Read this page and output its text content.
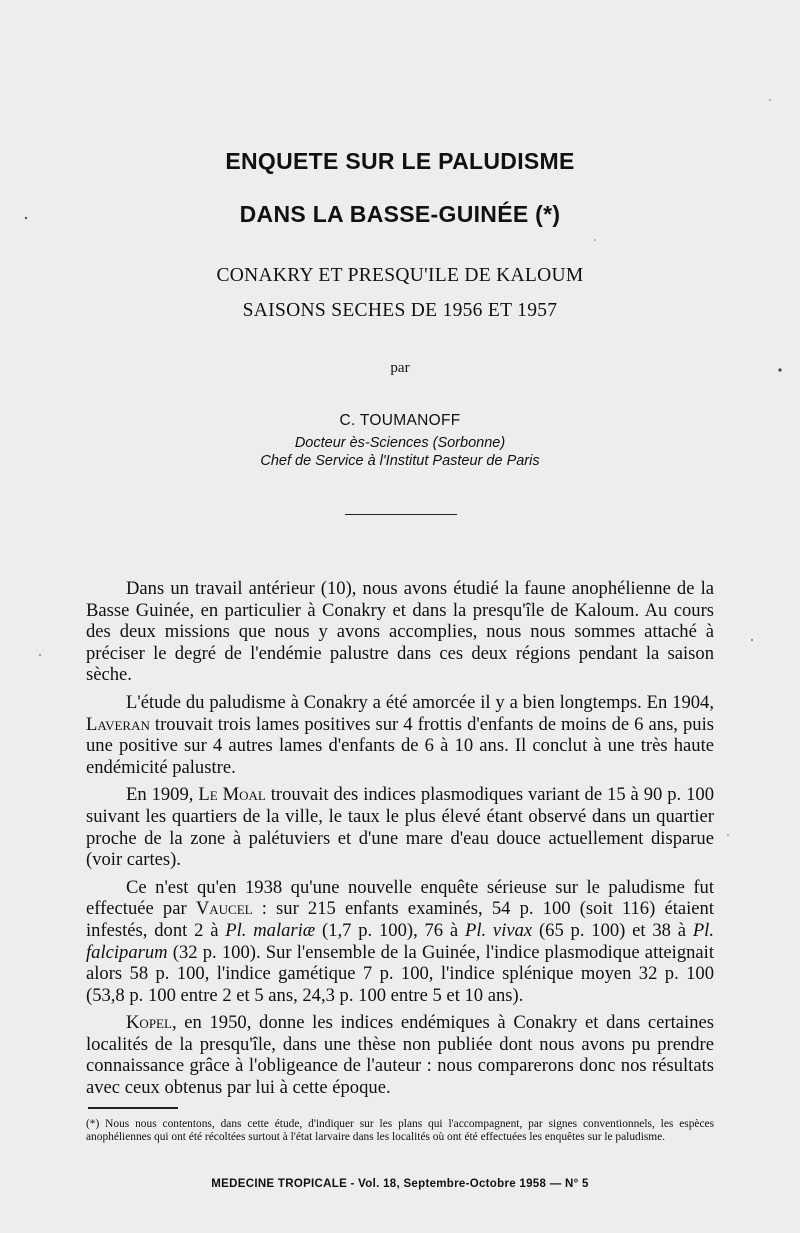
ENQUETE SUR LE PALUDISME
DANS LA BASSE-GUINÉE (*)
CONAKRY ET PRESQU'ILE DE KALOUM
SAISONS SECHES DE 1956 ET 1957
par
C. TOUMANOFF
Docteur ès-Sciences (Sorbonne)
Chef de Service à l'Institut Pasteur de Paris

Dans un travail antérieur (10), nous avons étudié la faune anophélienne de la Basse Guinée, en particulier à Conakry et dans la presqu'île de Kaloum. Au cours des deux missions que nous y avons accomplies, nous nous sommes attaché à préciser le degré de l'endémie palustre dans ces deux régions pendant la saison sèche.

L'étude du paludisme à Conakry a été amorcée il y a bien longtemps. En 1904, Laveran trouvait trois lames positives sur 4 frottis d'enfants de moins de 6 ans, puis une positive sur 4 autres lames d'enfants de 6 à 10 ans. Il conclut à une très haute endémicité palustre.

En 1909, Le Moal trouvait des indices plasmodiques variant de 15 à 90 p. 100 suivant les quartiers de la ville, le taux le plus élevé étant observé dans un quartier proche de la zone à palétuviers et d'une mare d'eau douce actuellement disparue (voir cartes).

Ce n'est qu'en 1938 qu'une nouvelle enquête sérieuse sur le paludisme fut effectuée par Vaucel : sur 215 enfants examinés, 54 p. 100 (soit 116) étaient infestés, dont 2 à Pl. malariæ (1,7 p. 100), 76 à Pl. vivax (65 p. 100) et 38 à Pl. falciparum (32 p. 100). Sur l'ensemble de la Guinée, l'indice plasmodique atteignait alors 58 p. 100, l'indice gamétique 7 p. 100, l'indice splénique moyen 32 p. 100 (53,8 p. 100 entre 2 et 5 ans, 24,3 p. 100 entre 5 et 10 ans).

Kopel, en 1950, donne les indices endémiques à Conakry et dans certaines localités de la presqu'île, dans une thèse non publiée dont nous avons pu prendre connaissance grâce à l'obligeance de l'auteur : nous comparerons donc nos résultats avec ceux obtenus par lui à cette époque.

(*) Nous nous contentons, dans cette étude, d'indiquer sur les plans qui l'accompagnent, par signes conventionnels, les espèces anophéliennes qui ont été récoltées surtout à l'état larvaire dans les localités où ont été effectuées les enquêtes sur le paludisme.
MEDECINE TROPICALE - Vol. 18, Septembre-Octobre 1958 — N° 5
